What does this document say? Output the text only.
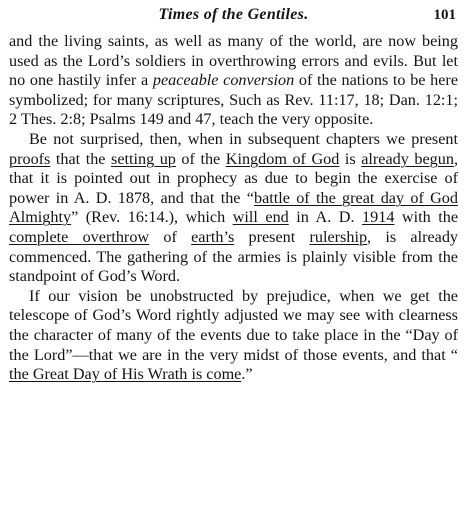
Times of the Gentiles.	101

and the living saints, as well as many of the world, are now being used as the Lord’s soldiers in overthrowing errors and evils. But let no one hastily infer a peaceable conversion of the nations to be here symbolized; for many scriptures, Such as Rev. 11:17, 18; Dan. 12:1; 2 Thes. 2:8; Psalms 149 and 47, teach the very opposite.

Be not surprised, then, when in subsequent chapters we present proofs that the setting up of the Kingdom of God is already begun, that it is pointed out in prophecy as due to begin the exercise of power in A. D. 1878, and that the “battle of the great day of God Almighty” (Rev. 16:14.), which will end in A. D. 1914 with the complete overthrow of earth’s present rulership, is already commenced. The gathering of the armies is plainly visible from the standpoint of God’s Word.

If our vision be unobstructed by prejudice, when we get the telescope of God’s Word rightly adjusted we may see with clearness the character of many of the events due to take place in the “Day of the Lord”—that we are in the very midst of those events, and that “ the Great Day of His Wrath is come.”
